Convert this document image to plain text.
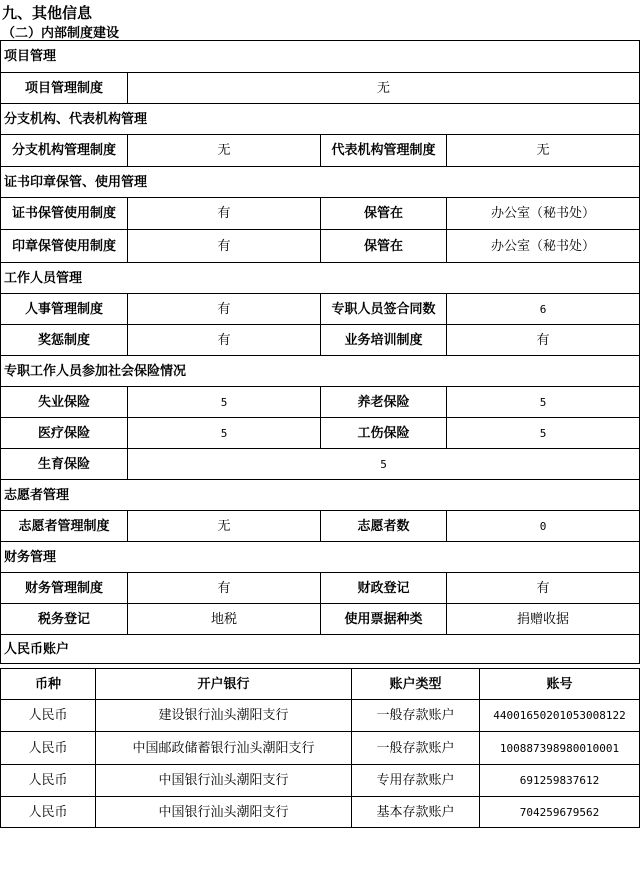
九、其他信息
（二）内部制度建设
项目管理			
项目管理制度	无		
分支机构、代表机构管理			
分支机构管理制度	无	代表机构管理制度	无
证书印章保管、使用管理			
证书保管使用制度	有	保管在	办公室（秘书处）
印章保管使用制度	有	保管在	办公室（秘书处）
工作人员管理			
人事管理制度	有	专职人员签合同数	6
奖惩制度	有	业务培训制度	有
专职工作人员参加社会保险情况			
失业保险	5	养老保险	5
医疗保险	5	工伤保险	5
生育保险	5		
志愿者管理			
志愿者管理制度	无	志愿者数	0
财务管理			
财务管理制度	有	财政登记	有
税务登记	地税	使用票据种类	捐赠收据
人民币账户			
币种	开户银行	账户类型	账号
人民币	建设银行汕头潮阳支行	一般存款账户	44001650201053008122
人民币	中国邮政储蓄银行汕头潮阳支行	一般存款账户	100887398980010001
人民币	中国银行汕头潮阳支行	专用存款账户	691259837612
人民币	中国银行汕头潮阳支行	基本存款账户	704259679562
